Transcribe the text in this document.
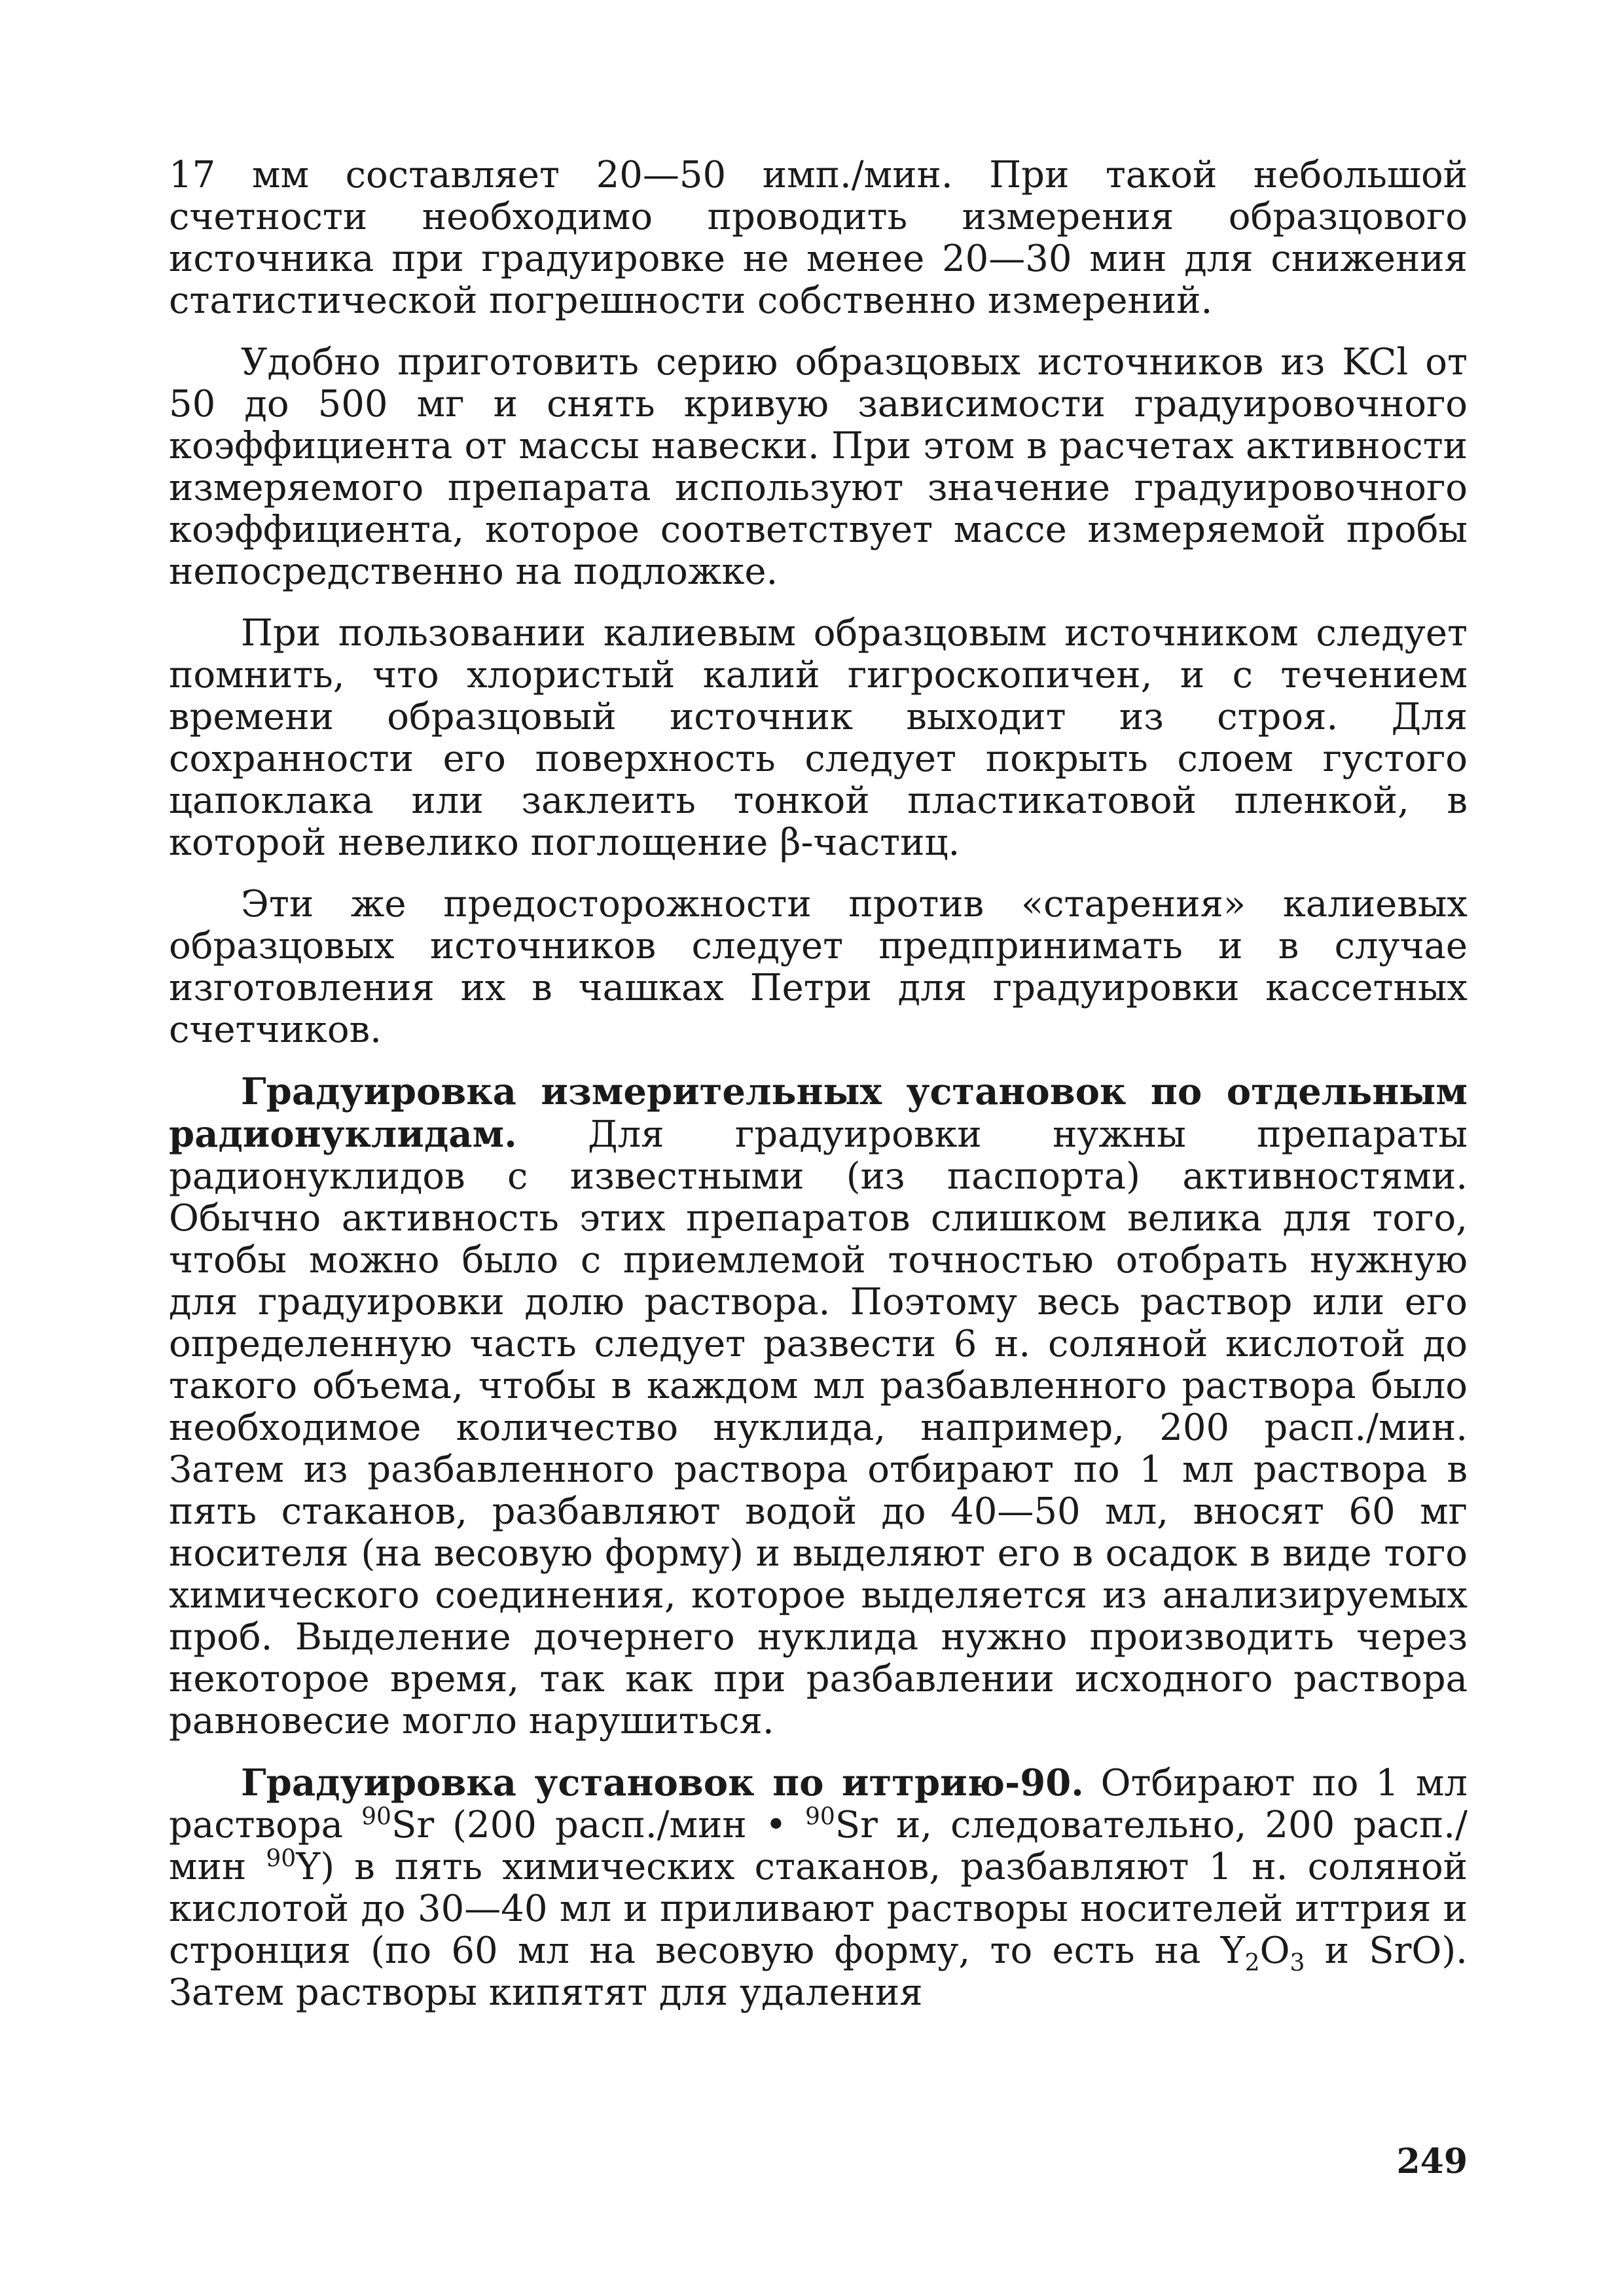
17 мм составляет 20—50 имп./мин. При такой небольшой счетности необходимо проводить измерения образцового источника при градуировке не менее 20—30 мин для снижения статистической погрешности собственно измерений.

Удобно приготовить серию образцовых источников из KCl от 50 до 500 мг и снять кривую зависимости градуировочного коэффициента от массы навески. При этом в расчетах активности измеряемого препарата используют значение градуировочного коэффициента, которое соответствует массе измеряемой пробы непосредственно на подложке.

При пользовании калиевым образцовым источником следует помнить, что хлористый калий гигроскопичен, и с течением времени образцовый источник выходит из строя. Для сохранности его поверхность следует покрыть слоем густого цапоклака или заклеить тонкой пластикатовой пленкой, в которой невелико поглощение β-частиц.

Эти же предосторожности против «старения» калиевых образцовых источников следует предпринимать и в случае изготовления их в чашках Петри для градуировки кассетных счетчиков.

Градуировка измерительных установок по отдельным радионуклидам. Для градуировки нужны препараты радионуклидов с известными (из паспорта) активностями. Обычно активность этих препаратов слишком велика для того, чтобы можно было с приемлемой точностью отобрать нужную для градуировки долю раствора. Поэтому весь раствор или его определенную часть следует развести 6 н. соляной кислотой до такого объема, чтобы в каждом мл разбавленного раствора было необходимое количество нуклида, например, 200 расп./мин. Затем из разбавленного раствора отбирают по 1 мл раствора в пять стаканов, разбавляют водой до 40—50 мл, вносят 60 мг носителя (на весовую форму) и выделяют его в осадок в виде того химического соединения, которое выделяется из анализируемых проб. Выделение дочернего нуклида нужно производить через некоторое время, так как при разбавлении исходного раствора равновесие могло нарушиться.

Градуировка установок по иттрию-90. Отбирают по 1 мл раствора $^{90}$Sr (200 расп./мин • $^{90}$Sr и, следовательно, 200 расп./мин $^{90}$Y) в пять химических стаканов, разбавляют 1 н. соляной кислотой до 30—40 мл и приливают растворы носителей иттрия и стронция (по 60 мл на весовую форму, то есть на $Y_2O_3$ и SrO). Затем растворы кипятят для удаления

249
